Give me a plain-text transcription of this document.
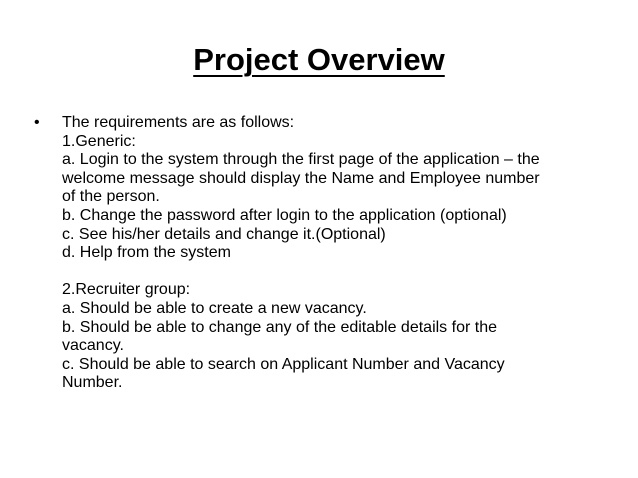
Project Overview
•	The requirements are as follows:
1.Generic:
a. Login to the system through the first page of the application – the
welcome message should display the Name and Employee number
of the person.
b. Change the password after login to the application (optional)
c. See his/her details and change it.(Optional)
d. Help from the system
2.Recruiter group:
a. Should be able to create a new vacancy.
b. Should be able to change any of the editable details for the
vacancy.
c. Should be able to search on Applicant Number and Vacancy
Number.
